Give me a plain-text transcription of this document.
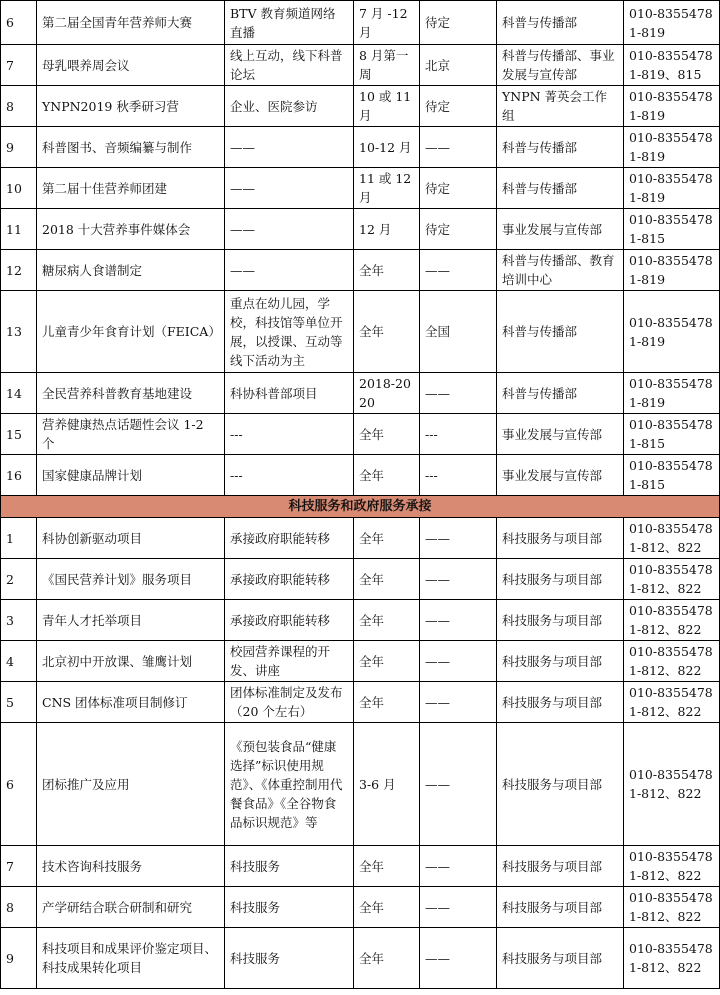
6	第二届全国青年营养师大赛	BTV 教育频道网络直播	7 月 -12 月	待定	科普与传播部	010-83554781-819
7	母乳喂养周会议	线上互动，线下科普论坛	8 月第一周	北京	科普与传播部、事业发展与宣传部	010-83554781-819、815
8	YNPN2019 秋季研习营	企业、医院参访	10 或 11 月	待定	YNPN 菁英会工作组	010-83554781-819
9	科普图书、音频编纂与制作	——	10-12 月	——	科普与传播部	010-83554781-819
10	第二届十佳营养师团建	——	11 或 12 月	待定	科普与传播部	010-83554781-819
11	2018 十大营养事件媒体会	——	12 月	待定	事业发展与宣传部	010-83554781-815
12	糖尿病人食谱制定	——	全年	——	科普与传播部、教育培训中心	010-83554781-819
13	儿童青少年食育计划（FEICA）	重点在幼儿园，学校，科技馆等单位开展，以授课、互动等线下活动为主	全年	全国	科普与传播部	010-83554781-819
14	全民营养科普教育基地建设	科协科普部项目	2018-2020	——	科普与传播部	010-83554781-819
15	营养健康热点话题性会议 1-2 个	---	全年	---	事业发展与宣传部	010-83554781-815
16	国家健康品牌计划	---	全年	---	事业发展与宣传部	010-83554781-815
科技服务和政府服务承接						
1	科协创新驱动项目	承接政府职能转移	全年	——	科技服务与项目部	010-83554781-812、822
2	《国民营养计划》服务项目	承接政府职能转移	全年	——	科技服务与项目部	010-83554781-812、822
3	青年人才托举项目	承接政府职能转移	全年	——	科技服务与项目部	010-83554781-812、822
4	北京初中开放课、雏鹰计划	校园营养课程的开发、讲座	全年	——	科技服务与项目部	010-83554781-812、822
5	CNS 团体标准项目制修订	团体标准制定及发布（20 个左右）	全年	——	科技服务与项目部	010-83554781-812、822
6	团标推广及应用	《预包装食品“健康选择”标识使用规范》、《体重控制用代餐食品》《全谷物食品标识规范》等	3-6 月	——	科技服务与项目部	010-83554781-812、822
7	技术咨询科技服务	科技服务	全年	——	科技服务与项目部	010-83554781-812、822
8	产学研结合联合研制和研究	科技服务	全年	——	科技服务与项目部	010-83554781-812、822
9	科技项目和成果评价鉴定项目、科技成果转化项目	科技服务	全年	——	科技服务与项目部	010-83554781-812、822
